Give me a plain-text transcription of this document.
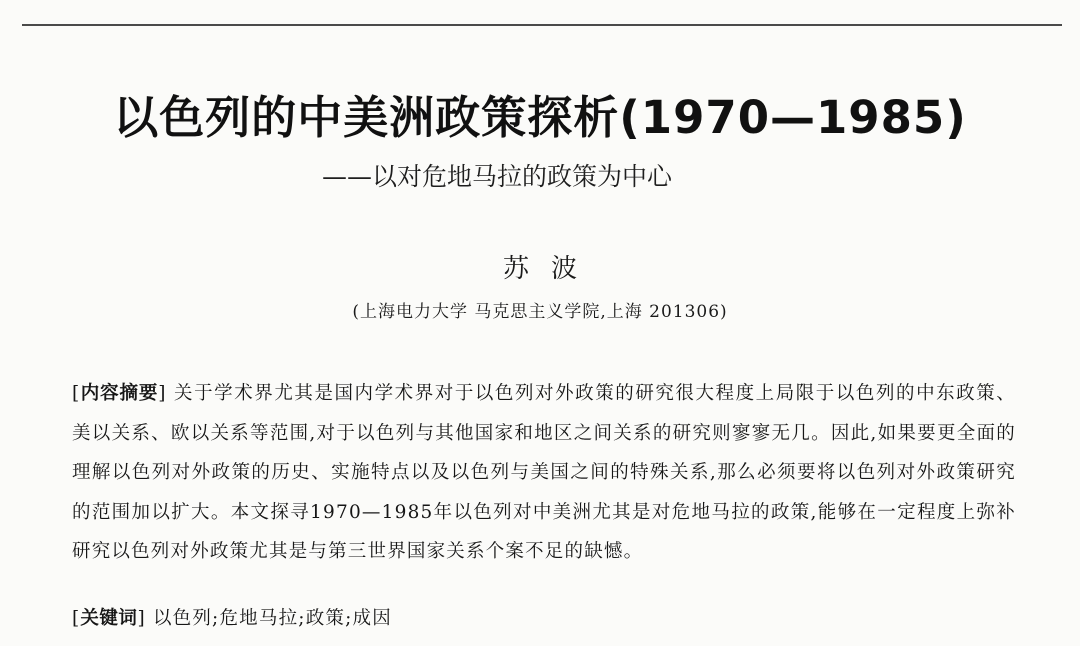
以色列的中美洲政策探析(1970—1985)
——以对危地马拉的政策为中心
苏波
(上海电力大学 马克思主义学院,上海 201306)
[内容摘要] 关于学术界尤其是国内学术界对于以色列对外政策的研究很大程度上局限于以色列的中东政策、美以关系、欧以关系等范围,对于以色列与其他国家和地区之间关系的研究则寥寥无几。因此,如果要更全面的理解以色列对外政策的历史、实施特点以及以色列与美国之间的特殊关系,那么必须要将以色列对外政策研究的范围加以扩大。本文探寻1970—1985年以色列对中美洲尤其是对危地马拉的政策,能够在一定程度上弥补研究以色列对外政策尤其是与第三世界国家关系个案不足的缺憾。
[关键词] 以色列;危地马拉;政策;成因
